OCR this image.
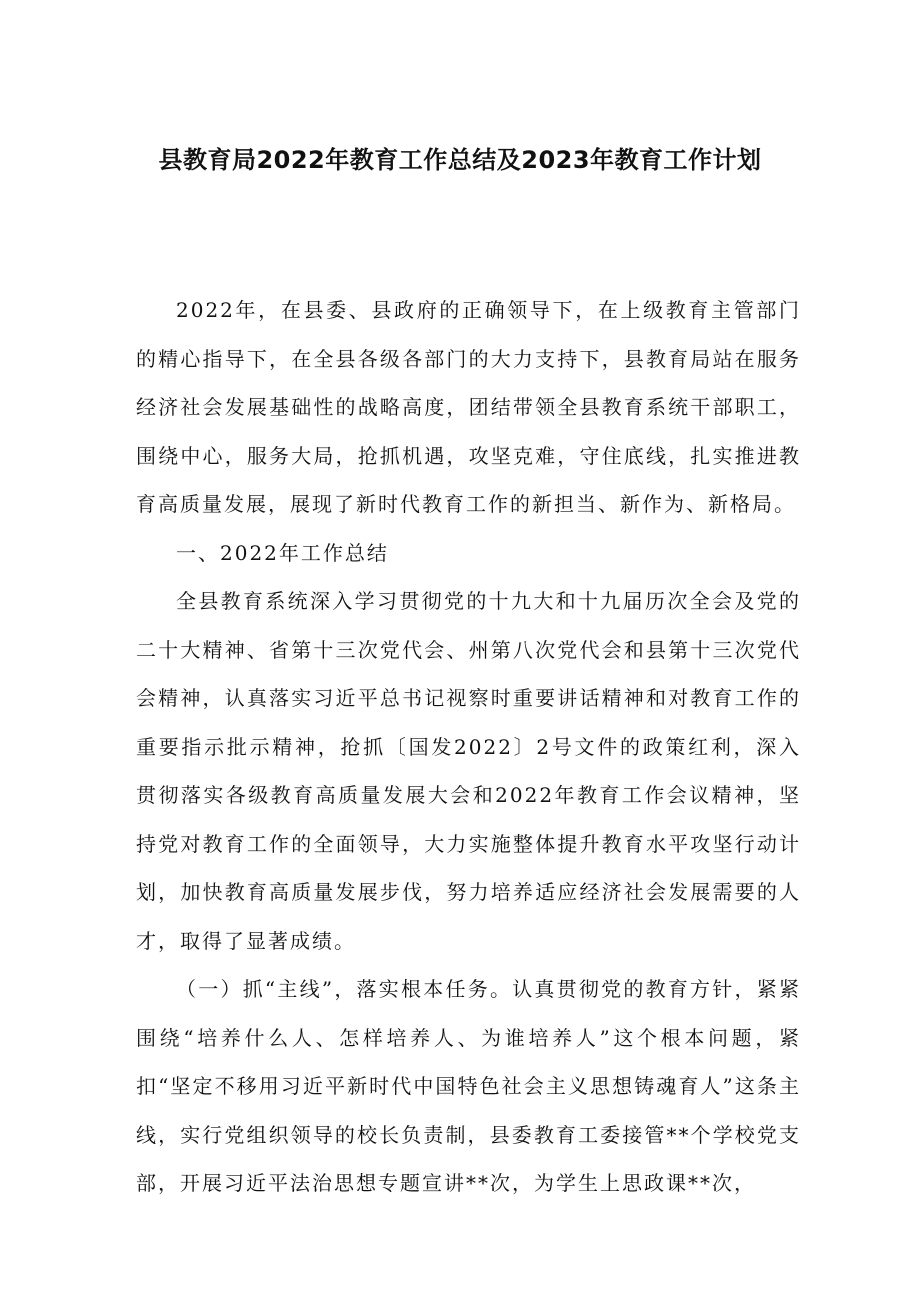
县教育局2022年教育工作总结及2023年教育工作计划

2022年，在县委、县政府的正确领导下，在上级教育主管部门的精心指导下，在全县各级各部门的大力支持下，县教育局站在服务经济社会发展基础性的战略高度，团结带领全县教育系统干部职工，围绕中心，服务大局，抢抓机遇，攻坚克难，守住底线，扎实推进教育高质量发展，展现了新时代教育工作的新担当、新作为、新格局。

一、2022年工作总结

全县教育系统深入学习贯彻党的十九大和十九届历次全会及党的二十大精神、省第十三次党代会、州第八次党代会和县第十三次党代会精神，认真落实习近平总书记视察时重要讲话精神和对教育工作的重要指示批示精神，抢抓〔国发2022〕2号文件的政策红利，深入贯彻落实各级教育高质量发展大会和2022年教育工作会议精神，坚持党对教育工作的全面领导，大力实施整体提升教育水平攻坚行动计划，加快教育高质量发展步伐，努力培养适应经济社会发展需要的人才，取得了显著成绩。

（一）抓“主线”，落实根本任务。认真贯彻党的教育方针，紧紧围绕“培养什么人、怎样培养人、为谁培养人”这个根本问题，紧扣“坚定不移用习近平新时代中国特色社会主义思想铸魂育人”这条主线，实行党组织领导的校长负责制，县委教育工委接管**个学校党支部，开展习近平法治思想专题宣讲**次，为学生上思政课**次，
